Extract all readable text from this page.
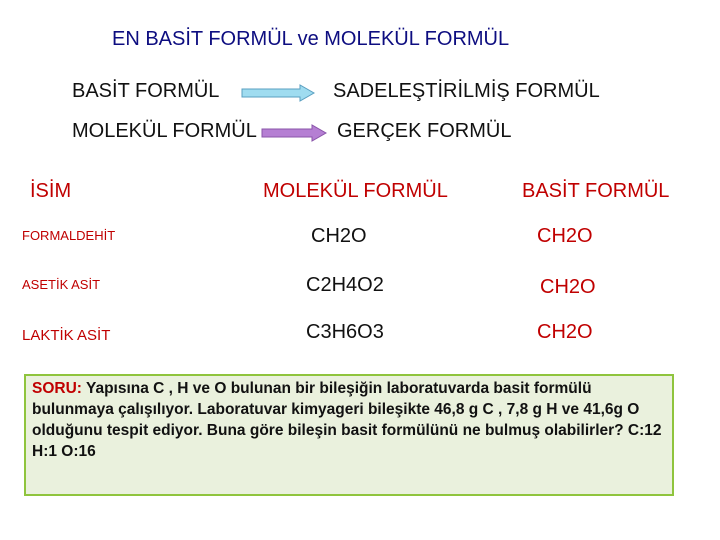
EN BASİT FORMÜL ve MOLEKÜL FORMÜL
BASİT FORMÜL	SADELEŞTİRİLMİŞ FORMÜL
MOLEKÜL FORMÜL	GERÇEK FORMÜL
İSİM	MOLEKÜL FORMÜL	BASİT FORMÜL
FORMALDEHİT	CH2O	CH2O
ASETİK ASİT	C2H4O2	CH2O
LAKTİK ASİT	C3H6O3	CH2O
SORU: Yapısına C , H ve O bulunan bir bileşiğin laboratuvarda basit formülü bulunmaya çalışılıyor. Laboratuvar kimyageri bileşikte 46,8 g C , 7,8 g H ve 41,6g O olduğunu tespit ediyor. Buna göre bileşin basit formülünü ne bulmuş olabilirler? C:12 H:1 O:16
